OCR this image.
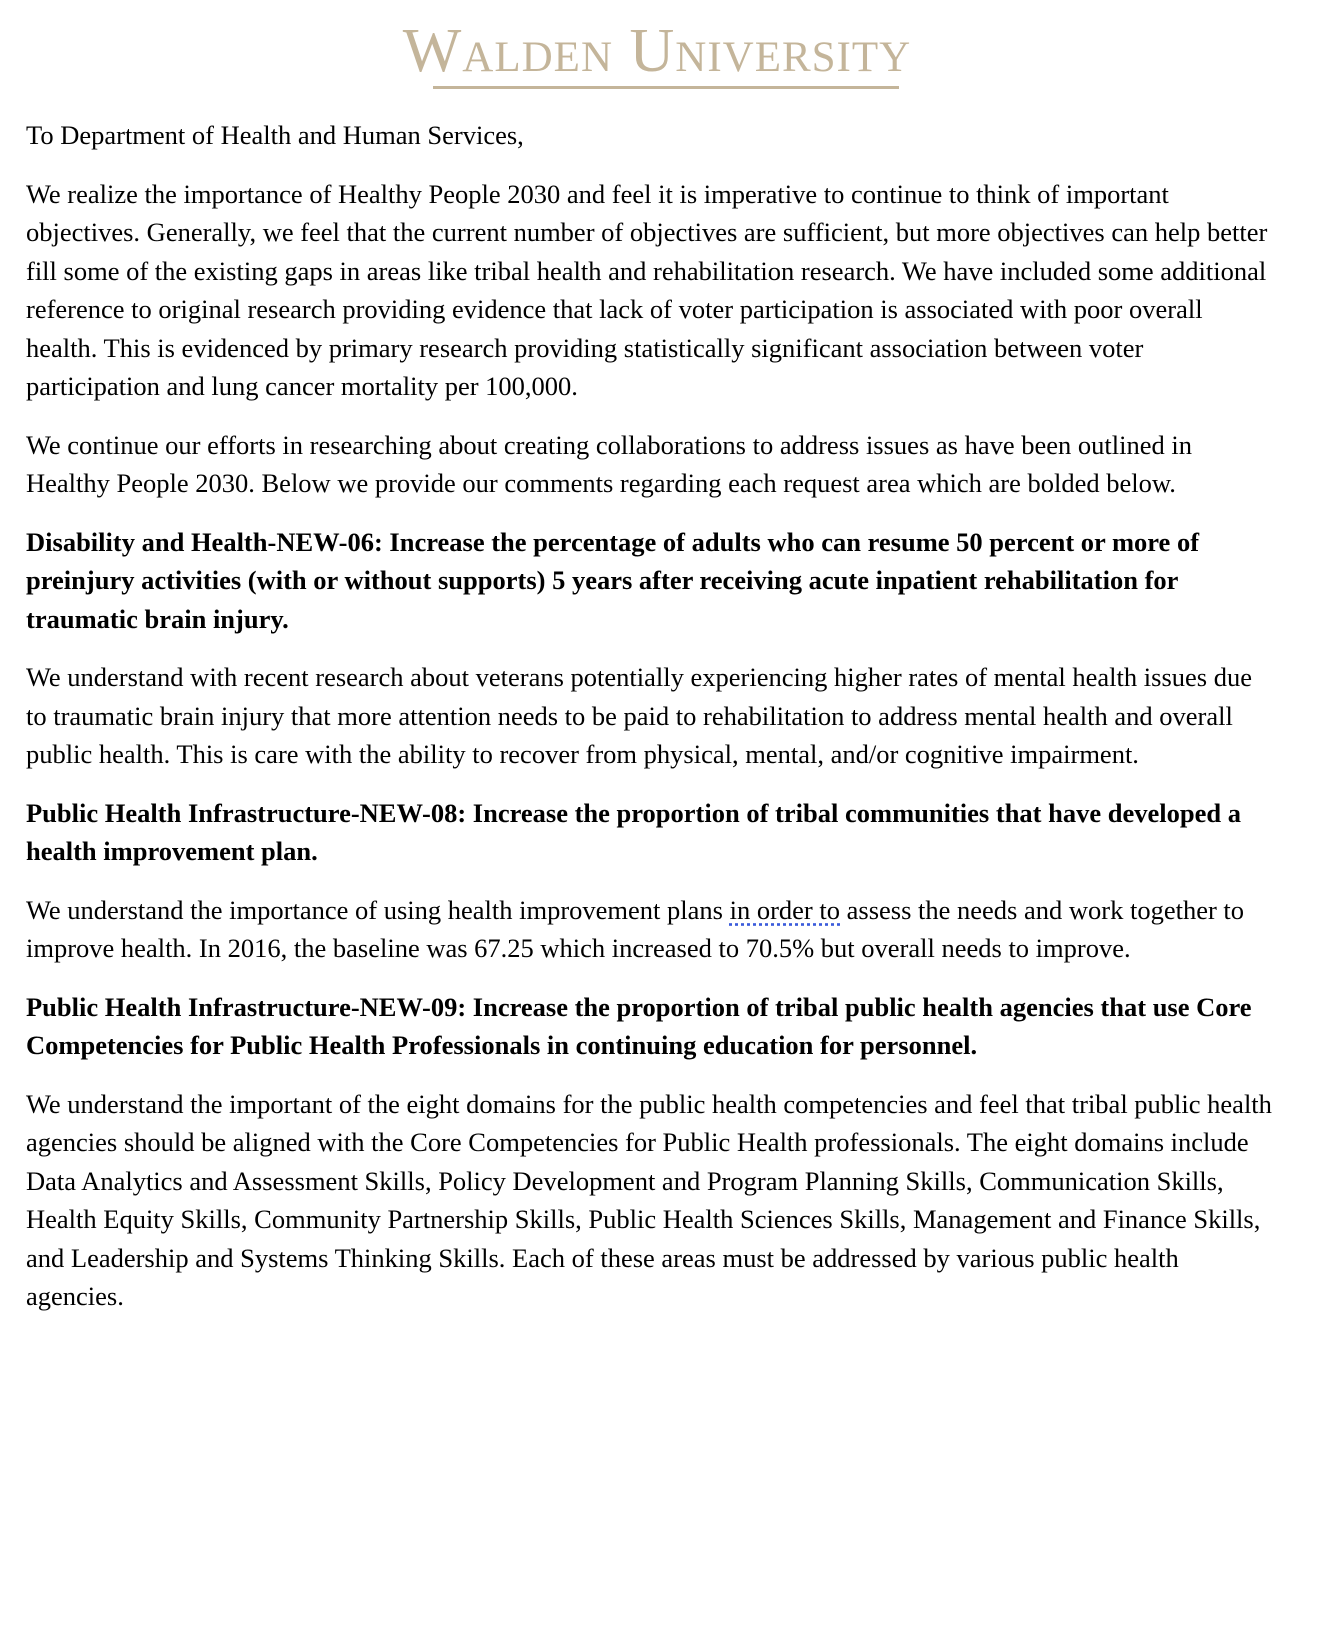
Walden University

To Department of Health and Human Services,

We realize the importance of Healthy People 2030 and feel it is imperative to continue to think of important objectives. Generally, we feel that the current number of objectives are sufficient, but more objectives can help better fill some of the existing gaps in areas like tribal health and rehabilitation research. We have included some additional reference to original research providing evidence that lack of voter participation is associated with poor overall health. This is evidenced by primary research providing statistically significant association between voter participation and lung cancer mortality per 100,000.

We continue our efforts in researching about creating collaborations to address issues as have been outlined in Healthy People 2030. Below we provide our comments regarding each request area which are bolded below.

Disability and Health-NEW-06: Increase the percentage of adults who can resume 50 percent or more of preinjury activities (with or without supports) 5 years after receiving acute inpatient rehabilitation for traumatic brain injury.

We understand with recent research about veterans potentially experiencing higher rates of mental health issues due to traumatic brain injury that more attention needs to be paid to rehabilitation to address mental health and overall public health. This is care with the ability to recover from physical, mental, and/or cognitive impairment.

Public Health Infrastructure-NEW-08: Increase the proportion of tribal communities that have developed a health improvement plan.

We understand the importance of using health improvement plans in order to assess the needs and work together to improve health. In 2016, the baseline was 67.25 which increased to 70.5% but overall needs to improve.

Public Health Infrastructure-NEW-09: Increase the proportion of tribal public health agencies that use Core Competencies for Public Health Professionals in continuing education for personnel.

We understand the important of the eight domains for the public health competencies and feel that tribal public health agencies should be aligned with the Core Competencies for Public Health professionals. The eight domains include Data Analytics and Assessment Skills, Policy Development and Program Planning Skills, Communication Skills, Health Equity Skills, Community Partnership Skills, Public Health Sciences Skills, Management and Finance Skills, and Leadership and Systems Thinking Skills. Each of these areas must be addressed by various public health agencies.
